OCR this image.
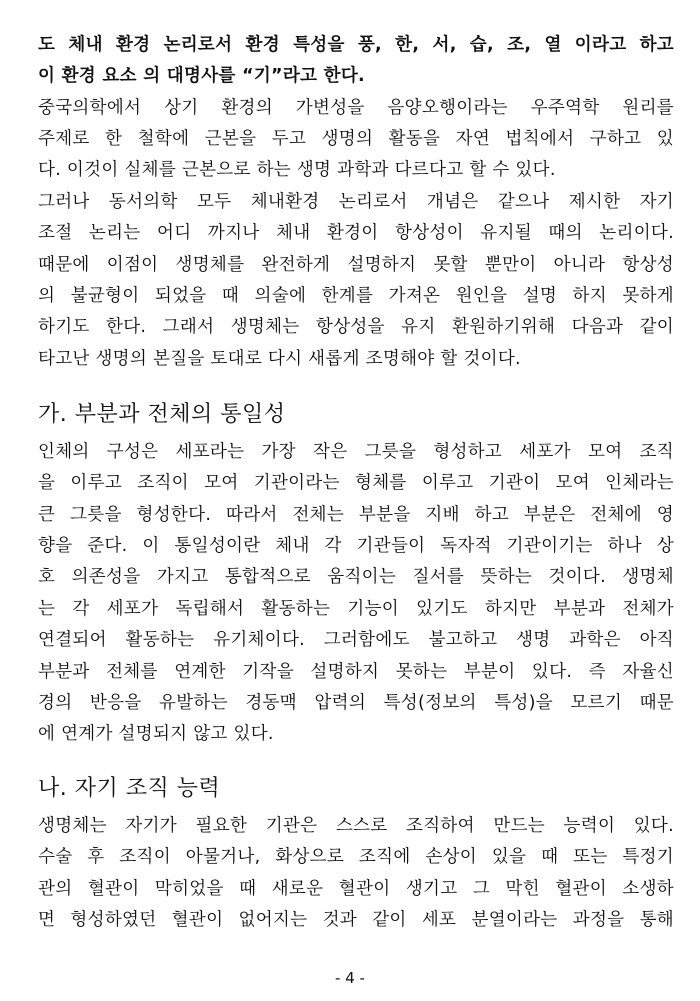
도 체내 환경 논리로서 환경 특성을 풍, 한, 서, 습, 조, 열 이라고 하고
이 환경 요소 의 대명사를 “기”라고 한다.
중국의학에서 상기 환경의 가변성을 음양오행이라는 우주역학 원리를
주제로 한 철학에 근본을 두고 생명의 활동을 자연 법칙에서 구하고 있
다. 이것이 실체를 근본으로 하는 생명 과학과 다르다고 할 수 있다.
그러나 동서의학 모두 체내환경 논리로서 개념은 같으나 제시한 자기
조절 논리는 어디 까지나 체내 환경이 항상성이 유지될 때의 논리이다.
때문에 이점이 생명체를 완전하게 설명하지 못할 뿐만이 아니라 항상성
의 불균형이 되었을 때 의술에 한계를 가져온 원인을 설명 하지 못하게
하기도 한다. 그래서 생명체는 항상성을 유지 환원하기위해 다음과 같이
타고난 생명의 본질을 토대로 다시 새롭게 조명해야 할 것이다.
가. 부분과 전체의 통일성
인체의 구성은 세포라는 가장 작은 그릇을 형성하고 세포가 모여 조직
을 이루고 조직이 모여 기관이라는 형체를 이루고 기관이 모여 인체라는
큰 그릇을 형성한다. 따라서 전체는 부분을 지배 하고 부분은 전체에 영
향을 준다. 이 통일성이란 체내 각 기관들이 독자적 기관이기는 하나 상
호 의존성을 가지고 통합적으로 움직이는 질서를 뜻하는 것이다. 생명체
는 각 세포가 독립해서 활동하는 기능이 있기도 하지만 부분과 전체가
연결되어 활동하는 유기체이다. 그러함에도 불고하고 생명 과학은 아직
부분과 전체를 연계한 기작을 설명하지 못하는 부분이 있다. 즉 자율신
경의 반응을 유발하는 경동맥 압력의 특성(정보의 특성)을 모르기 때문
에 연계가 설명되지 않고 있다.
나. 자기 조직 능력
생명체는 자기가 필요한 기관은 스스로 조직하여 만드는 능력이 있다.
수술 후 조직이 아물거나, 화상으로 조직에 손상이 있을 때 또는 특정기
관의 혈관이 막히었을 때 새로운 혈관이 생기고 그 막힌 혈관이 소생하
면 형성하였던 혈관이 없어지는 것과 같이 세포 분열이라는 과정을 통해
- 4 -
